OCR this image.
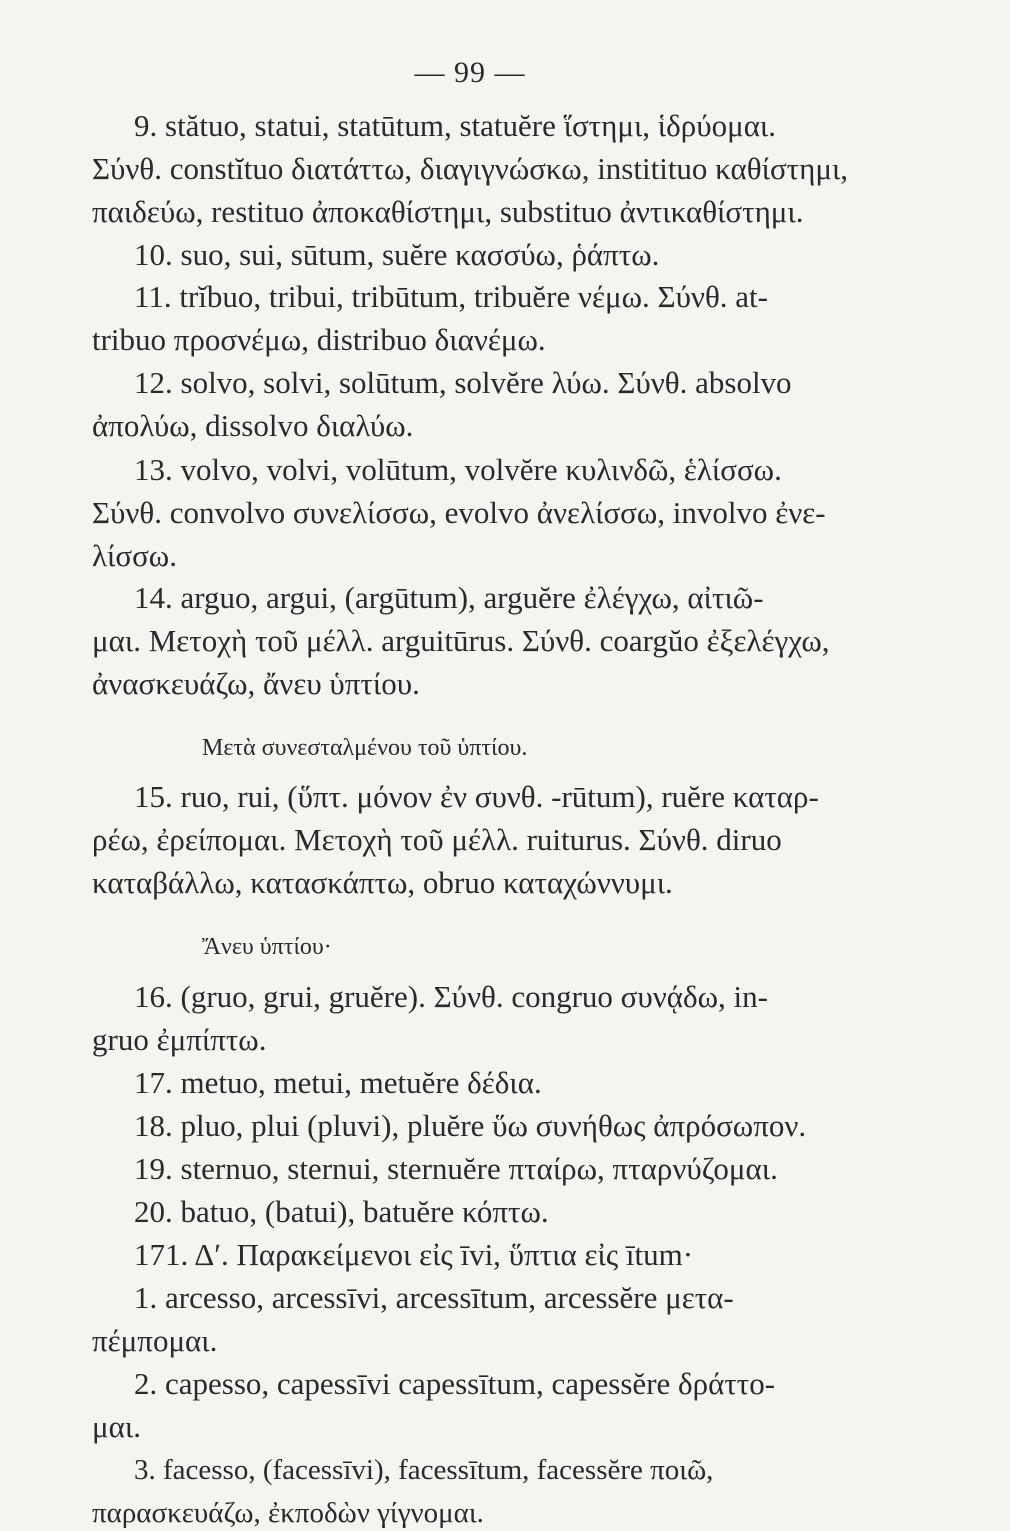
— 99 —
9. stătuo, statui, statūtum, statuĕre ἵστημι, ἱδρύομαι.
Σύνθ. constĭtuo διατάττω, διαγιγνώσκω, institituo καθίστημι,
παιδεύω, restituo ἀποκαθίστημι, substituo ἀντικαθίστημι.
10. suo, sui, sūtum, suĕre κασσύω, ῥάπτω.
11. trĭbuo, tribui, tribūtum, tribuĕre νέμω. Σύνθ. at-
tribuo προσνέμω, distribuo διανέμω.
12. solvo, solvi, solūtum, solvĕre λύω. Σύνθ. absolvo
ἀπολύω, dissolvo διαλύω.
13. volvo, volvi, volūtum, volvĕre κυλινδῶ, ἑλίσσω.
Σύνθ. convolvo συνελίσσω, evolvo ἀνελίσσω, involvo ἐνε-
λίσσω.
14. arguo, argui, (argūtum), arguĕre ἐλέγχω, αἰτιῶ-
μαι. Μετοχὴ τοῦ μέλλ. arguitūrus. Σύνθ. coargŭo ἐξελέγχω,
ἀνασκευάζω, ἄνευ ὑπτίου.
Μετὰ συνεσταλμένου τοῦ ὑπτίου.
15. ruo, rui, (ὕπτ. μόνον ἐν συνθ. -rūtum), ruĕre καταρ-
ρέω, ἐρείπομαι. Μετοχὴ τοῦ μέλλ. ruiturus. Σύνθ. diruo
καταβάλλω, κατασκάπτω, obruo καταχώννυμι.
Ἄνευ ὑπτίου·
16. (gruo, grui, gruĕre). Σύνθ. congruo συνᾴδω, in-
gruo ἐμπίπτω.
17. metuo, metui, metuĕre δέδια.
18. pluo, plui (pluvi), pluĕre ὕω συνήθως ἀπρόσωπον.
19. sternuo, sternui, sternuĕre πταίρω, πταρνύζομαι.
20. batuo, (batui), batuĕre κόπτω.
171. Δʹ. Παρακείμενοι εἰς īvi, ὕπτια εἰς ītum·
1. arcesso, arcessīvi, arcessītum, arcessĕre μετα-
πέμπομαι.
2. capesso, capessīvi capessītum, capessĕre δράττο-
μαι.
3. facesso, (facessīvi), facessītum, facessĕre ποιῶ,
παρασκευάζω, ἐκποδὼν γίγνομαι.
